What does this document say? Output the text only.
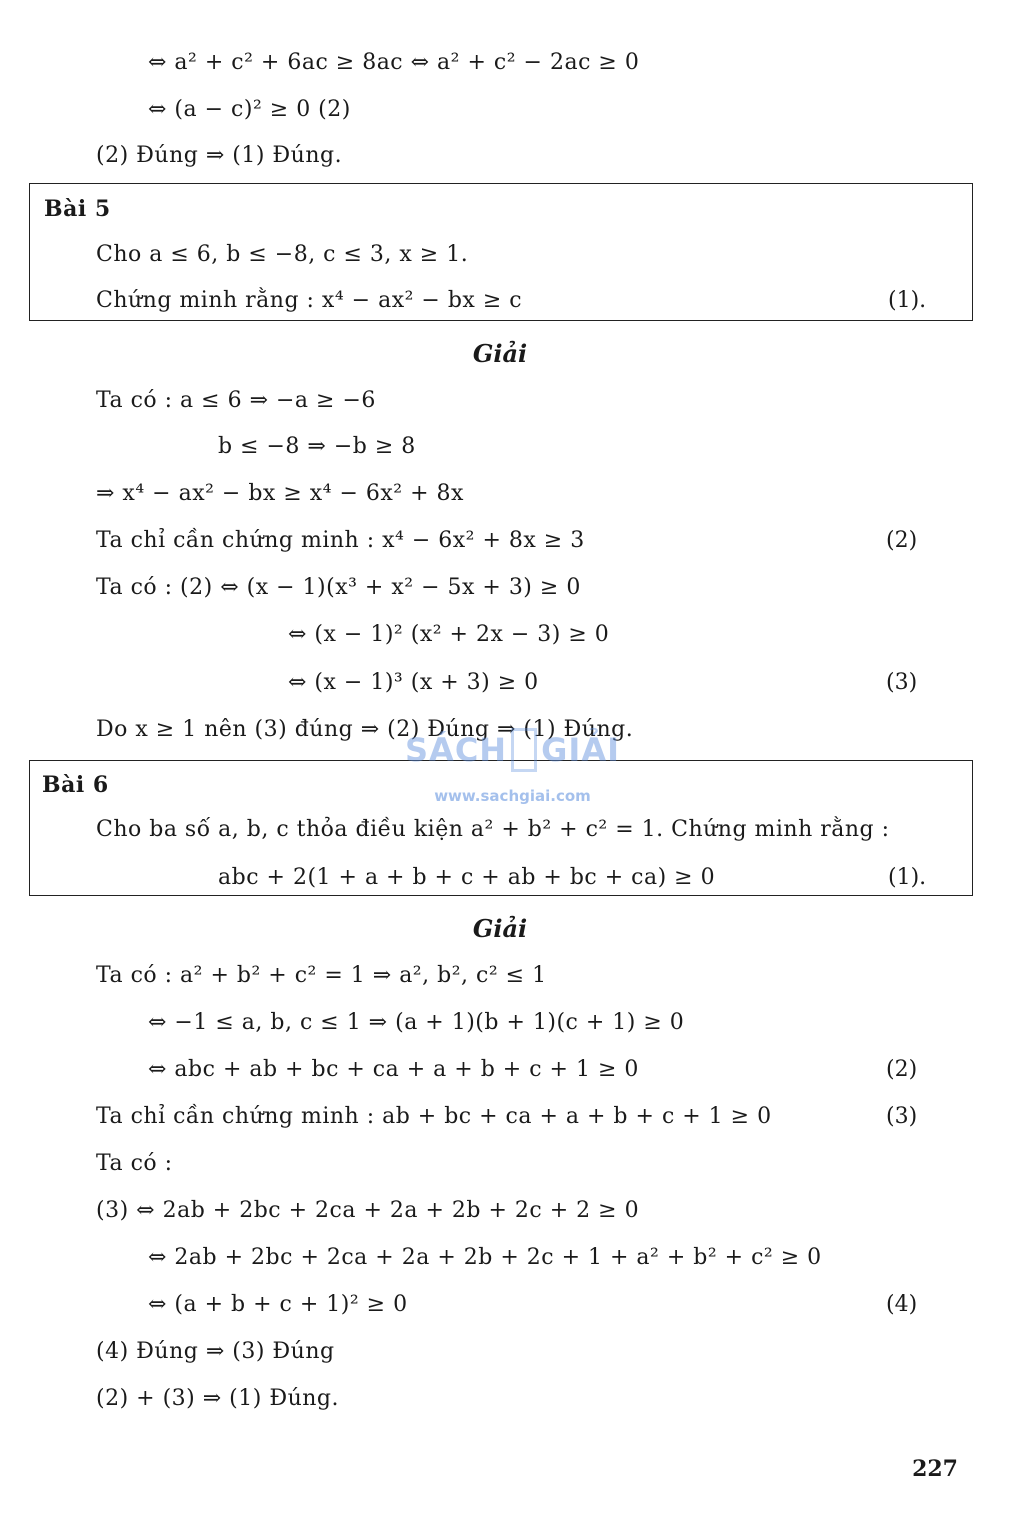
⇔ a² + c² + 6ac ≥ 8ac ⇔ a² + c² − 2ac ≥ 0
⇔ (a − c)² ≥ 0 (2)
(2) Đúng ⇒ (1) Đúng.
Bài 5
Cho a ≤ 6, b ≤ −8, c ≤ 3, x ≥ 1.
Chứng minh rằng : x⁴ − ax² − bx ≥ c	(1).
Giải
Ta có : a ≤ 6 ⇒ −a ≥ −6
b ≤ −8 ⇒ −b ≥ 8
⇒ x⁴ − ax² − bx ≥ x⁴ − 6x² + 8x
Ta chỉ cần chứng minh : x⁴ − 6x² + 8x ≥ 3	(2)
Ta có : (2) ⇔ (x − 1)(x³ + x² − 5x + 3) ≥ 0
⇔ (x − 1)² (x² + 2x − 3) ≥ 0
⇔ (x − 1)³ (x + 3) ≥ 0	(3)
Do x ≥ 1 nên (3) đúng ⇒ (2) Đúng ⇒ (1) Đúng.
Bài 6
Cho ba số a, b, c thỏa điều kiện a² + b² + c² = 1. Chứng minh rằng :
abc + 2(1 + a + b + c + ab + bc + ca) ≥ 0	(1).
Giải
Ta có : a² + b² + c² = 1 ⇒ a², b², c² ≤ 1
⇔ −1 ≤ a, b, c ≤ 1 ⇒ (a + 1)(b + 1)(c + 1) ≥ 0
⇔ abc + ab + bc + ca + a + b + c + 1 ≥ 0	(2)
Ta chỉ cần chứng minh : ab + bc + ca + a + b + c + 1 ≥ 0	(3)
Ta có :
(3) ⇔ 2ab + 2bc + 2ca + 2a + 2b + 2c + 2 ≥ 0
⇔ 2ab + 2bc + 2ca + 2a + 2b + 2c + 1 + a² + b² + c² ≥ 0
⇔ (a + b + c + 1)² ≥ 0	(4)
(4) Đúng ⇒ (3) Đúng
(2) + (3) ⇒ (1) Đúng.
SÁCH GIẢI
www.sachgiai.com
227
